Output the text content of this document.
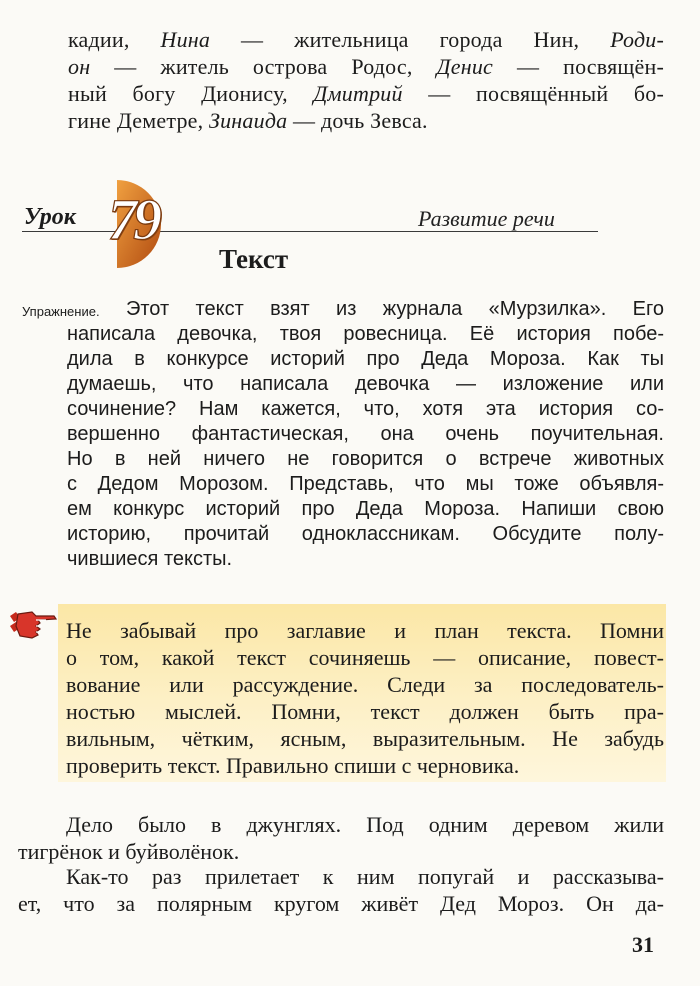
кадии, Нина — жительница города Нин, Роди-
он — житель острова Родос, Денис — посвящён-
ный богу Дионису, Дмитрий — посвящённый бо-
гине Деметре, Зинаида — дочь Зевса.
Урок 79	Развитие речи
Текст
Упражнение. Этот текст взят из журнала «Мурзилка». Его
написала девочка, твоя ровесница. Её история побе-
дила в конкурсе историй про Деда Мороза. Как ты
думаешь, что написала девочка — изложение или
сочинение? Нам кажется, что, хотя эта история со-
вершенно фантастическая, она очень поучительная.
Но в ней ничего не говорится о встрече животных
с Дедом Морозом. Представь, что мы тоже объявля-
ем конкурс историй про Деда Мороза. Напиши свою
историю, прочитай одноклассникам. Обсудите полу-
чившиеся тексты.
Не забывай про заглавие и план текста. Помни
о том, какой текст сочиняешь — описание, повест-
вование или рассуждение. Следи за последователь-
ностью мыслей. Помни, текст должен быть пра-
вильным, чётким, ясным, выразительным. Не забудь
проверить текст. Правильно спиши с черновика.
Дело было в джунглях. Под одним деревом жили
тигрёнок и буйволёнок.
Как-то раз прилетает к ним попугай и рассказыва-
ет, что за полярным кругом живёт Дед Мороз. Он да-
31
